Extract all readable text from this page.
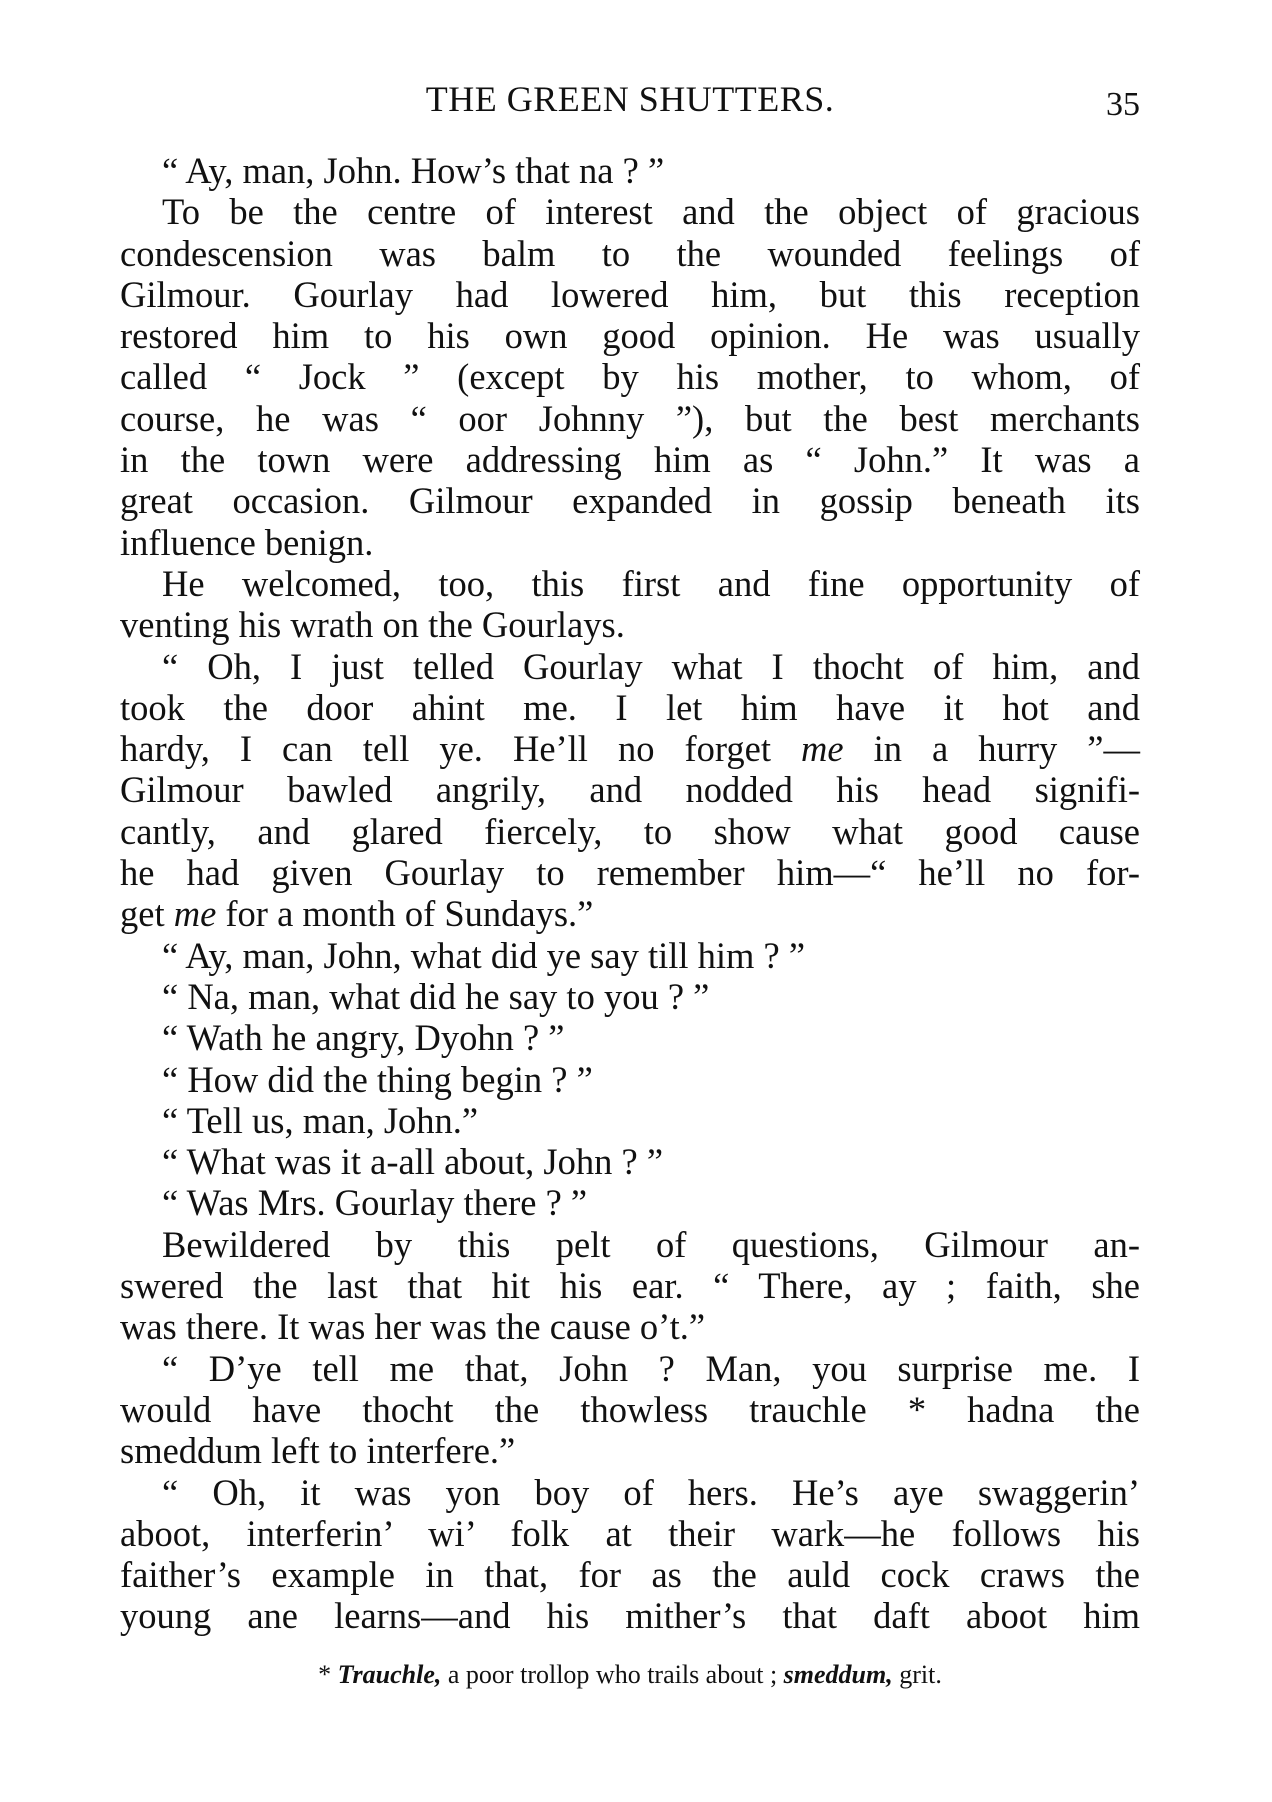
THE GREEN SHUTTERS.	35
“ Ay, man, John. How’s that na ? ”
To be the centre of interest and the object of gracious
condescension was balm to the wounded feelings of
Gilmour. Gourlay had lowered him, but this reception
restored him to his own good opinion. He was usually
called “ Jock ” (except by his mother, to whom, of
course, he was “ oor Johnny ”), but the best merchants
in the town were addressing him as “ John.” It was a
great occasion. Gilmour expanded in gossip beneath its
influence benign.
He welcomed, too, this first and fine opportunity of
venting his wrath on the Gourlays.
“ Oh, I just telled Gourlay what I thocht of him, and
took the door ahint me. I let him have it hot and
hardy, I can tell ye. He’ll no forget me in a hurry ”—
Gilmour bawled angrily, and nodded his head signifi-
cantly, and glared fiercely, to show what good cause
he had given Gourlay to remember him—“ he’ll no for-
get me for a month of Sundays.”
“ Ay, man, John, what did ye say till him ? ”
“ Na, man, what did he say to you ? ”
“ Wath he angry, Dyohn ? ”
“ How did the thing begin ? ”
“ Tell us, man, John.”
“ What was it a-all about, John ? ”
“ Was Mrs. Gourlay there ? ”
Bewildered by this pelt of questions, Gilmour an-
swered the last that hit his ear. “ There, ay ; faith, she
was there. It was her was the cause o’t.”
“ D’ye tell me that, John ? Man, you surprise me. I
would have thocht the thowless trauchle * hadna the
smeddum left to interfere.”
“ Oh, it was yon boy of hers. He’s aye swaggerin’
aboot, interferin’ wi’ folk at their wark—he follows his
faither’s example in that, for as the auld cock craws the
young ane learns—and his mither’s that daft aboot him
* Trauchle, a poor trollop who trails about ; smeddum, grit.
